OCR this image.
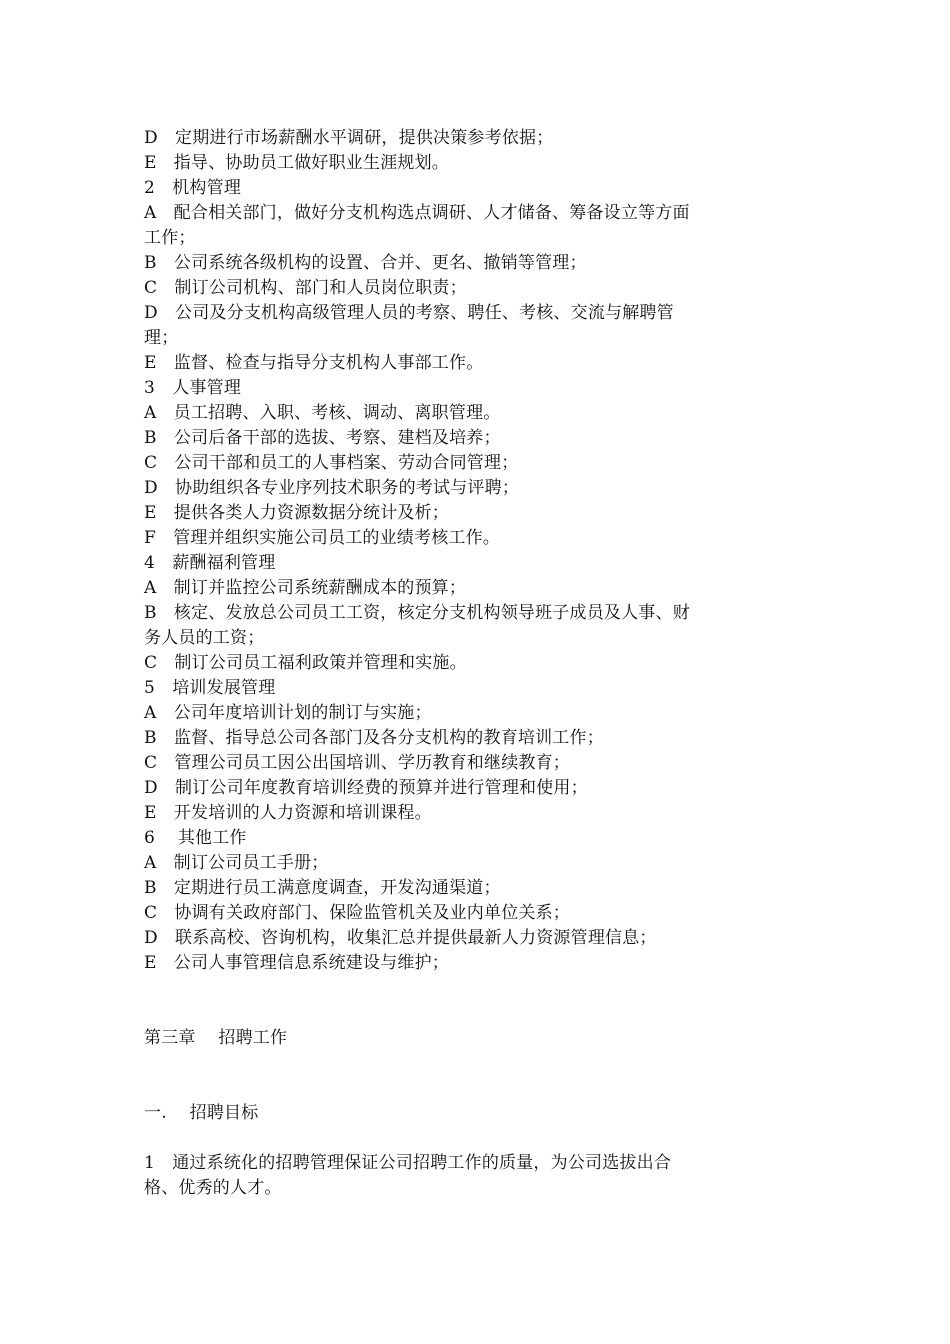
D　定期进行市场薪酬水平调研，提供决策参考依据；
E　指导、协助员工做好职业生涯规划。
2　机构管理
A　配合相关部门，做好分支机构选点调研、人才储备、筹备设立等方面
工作；
B　公司系统各级机构的设置、合并、更名、撤销等管理；
C　制订公司机构、部门和人员岗位职责；
D　公司及分支机构高级管理人员的考察、聘任、考核、交流与解聘管
理；
E　监督、检查与指导分支机构人事部工作。
3　人事管理
A　员工招聘、入职、考核、调动、离职管理。
B　公司后备干部的选拔、考察、建档及培养；
C　公司干部和员工的人事档案、劳动合同管理；
D　协助组织各专业序列技术职务的考试与评聘；
E　提供各类人力资源数据分统计及析；
F　管理并组织实施公司员工的业绩考核工作。
4　薪酬福利管理
A　制订并监控公司系统薪酬成本的预算；
B　核定、发放总公司员工工资，核定分支机构领导班子成员及人事、财
务人员的工资；
C　制订公司员工福利政策并管理和实施。
5　培训发展管理
A　公司年度培训计划的制订与实施；
B　监督、指导总公司各部门及各分支机构的教育培训工作；
C　管理公司员工因公出国培训、学历教育和继续教育；
D　制订公司年度教育培训经费的预算并进行管理和使用；
E　开发培训的人力资源和培训课程。
6　 其他工作
A　制订公司员工手册；
B　定期进行员工满意度调查，开发沟通渠道；
C　协调有关政府部门、保险监管机关及业内单位关系；
D　联系高校、咨询机构，收集汇总并提供最新人力资源管理信息；
E　公司人事管理信息系统建设与维护；
第三章　 招聘工作
一.　 招聘目标
1　通过系统化的招聘管理保证公司招聘工作的质量，为公司选拔出合
格、优秀的人才。
